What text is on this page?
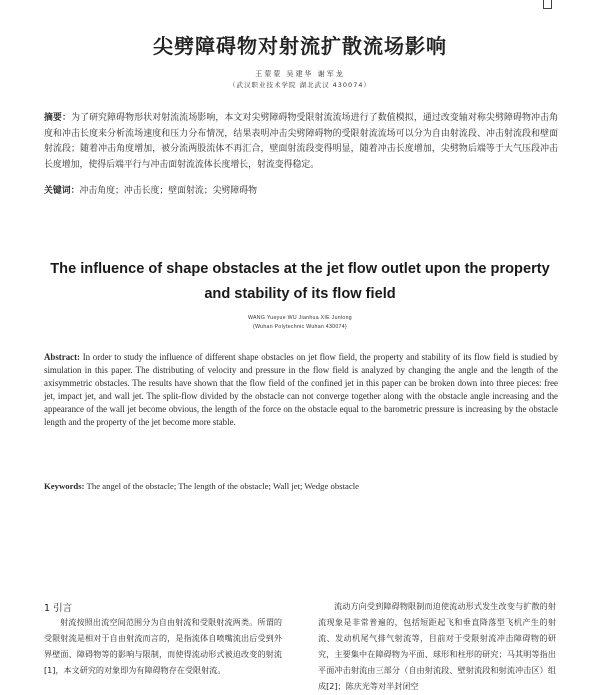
尖劈障碍物对射流扩散流场影响
王蒙蒙 吴建华 谢军龙
（武汉职业技术学院 湖北武汉 430074）
摘要：为了研究障碍物形状对射流流场影响，本文对尖劈障碍物受限射流流场进行了数值模拟，通过改变轴对称尖劈障碍物冲击角度和冲击长度来分析流场速度和压力分布情况，结果表明冲击尖劈障碍物的受限射流流场可以分为自由射流段、冲击射流段和壁面射流段；随着冲击角度增加，被分流两股流体不再汇合，壁面射流段变得明显，随着冲击长度增加，尖劈物后端等于大气压段冲击长度增加，使得后端平行与冲击面射流流体长度增长，射流变得稳定。
关键词：冲击角度；冲击长度；壁面射流；尖劈障碍物
The influence of shape obstacles at the jet flow outlet upon the property and stability of its flow field
WANG Yueyue WU Jianhua XIE Junlong
(Wuhan Polytechnic Wuhan 430074)
Abstract: In order to study the influence of different shape obstacles on jet flow field, the property and stability of its flow field is studied by simulation in this paper. The distributing of velocity and pressure in the flow field is analyzed by changing the angle and the length of the axisymmetric obstacles. The results have shown that the flow field of the confined jet in this paper can be broken down into three pieces: free jet, impact jet, and wall jet. The split-flow divided by the obstacle can not converge together along with the obstacle angle increasing and the appearance of the wall jet become obvious, the length of the force on the obstacle equal to the barometric pressure is increasing by the obstacle length and the property of the jet become more stable.
Keywords: The angel of the obstacle; The length of the obstacle; Wall jet; Wedge obstacle
1 引言
射流按照出流空间范围分为自由射流和受限射流两类。所谓的受限射流是相对于自由射流而言的，是指流体自喷嘴流出后受到外界壁面、障碍物等的影响与限制，而使得流动形式被迫改变的射流[1]，本文研究的对象即为有障碍物存在受限射流。
流动方向受到障碍物限制而迫使流动形式发生改变与扩散的射流现象是非常普遍的，包括短距起飞和垂直降落型飞机产生的射流、发动机尾气排气射流等，目前对于受限射流冲击障碍物的研究，主要集中在障碍物为平面、球形和柱形的研究；马其明等指出平面冲击射流由三部分（自由射流段、壁射流段和射流冲击区）组成[2]；陈庆光等对半封闭空
